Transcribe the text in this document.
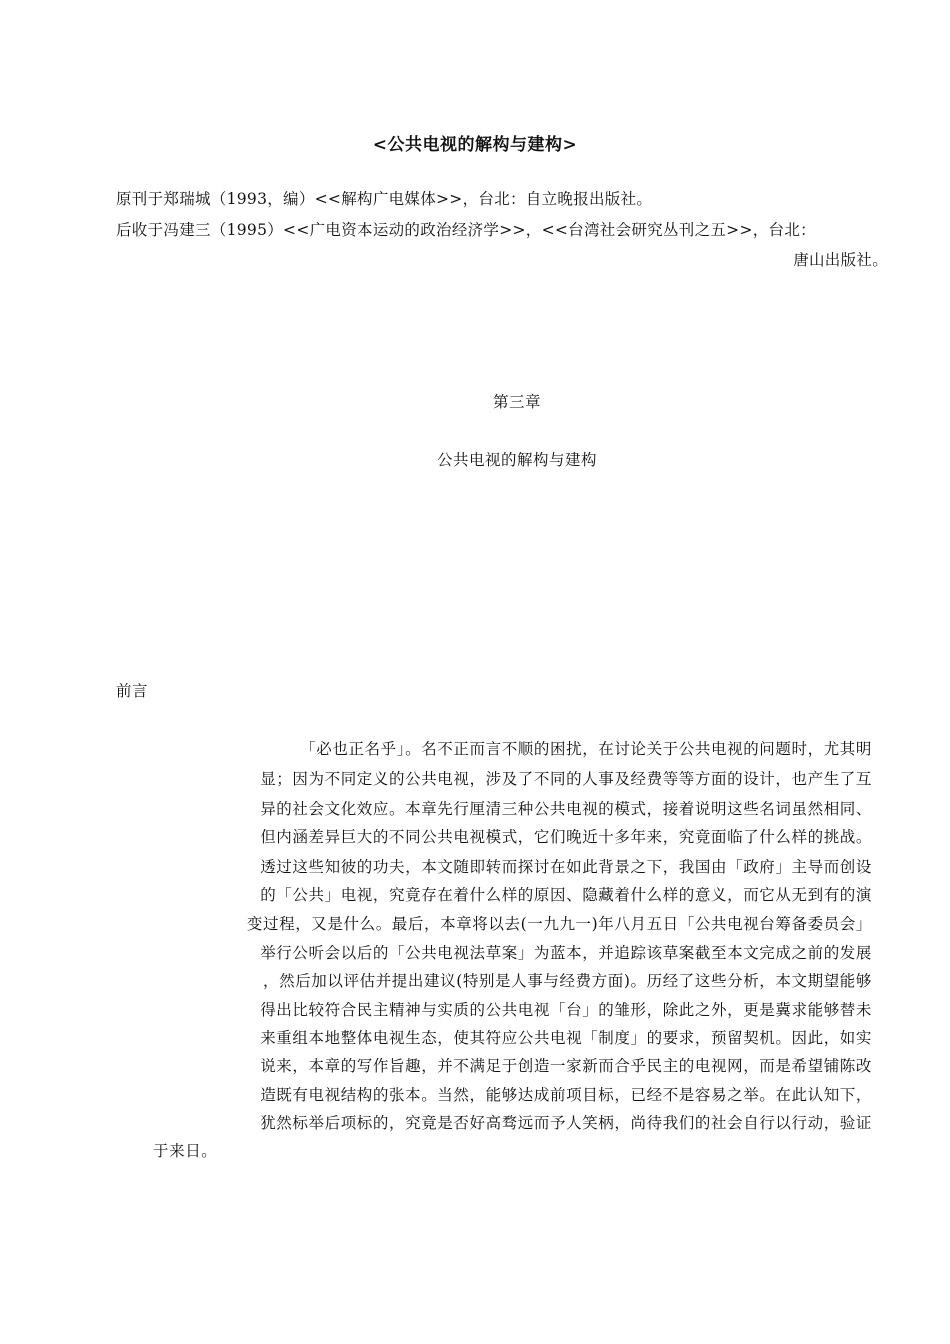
<公共电视的解构与建构>
原刊于郑瑞城（1993，编）<<解构广电媒体>>，台北：自立晚报出版社。
后收于冯建三（1995）<<广电资本运动的政治经济学>>，<<台湾社会研究丛刊之五>>，台北：
唐山出版社。
第三章
公共电视的解构与建构
前言
「必也正名乎」。名不正而言不顺的困扰，在讨论关于公共电视的问题时，尤其明
显；因为不同定义的公共电视，涉及了不同的人事及经费等等方面的设计，也产生了互
异的社会文化效应。本章先行厘清三种公共电视的模式，接着说明这些名词虽然相同、
但内涵差异巨大的不同公共电视模式，它们晚近十多年来，究竟面临了什么样的挑战。
透过这些知彼的功夫，本文随即转而探讨在如此背景之下，我国由「政府」主导而创设
的「公共」电视，究竟存在着什么样的原因、隐藏着什么样的意义，而它从无到有的演
变过程，又是什么。最后，本章将以去(一九九一)年八月五日「公共电视台筹备委员会」
举行公听会以后的「公共电视法草案」为蓝本，并追踪该草案截至本文完成之前的发展
，然后加以评估并提出建议(特别是人事与经费方面)。历经了这些分析，本文期望能够
得出比较符合民主精神与实质的公共电视「台」的雏形，除此之外，更是冀求能够替未
来重组本地整体电视生态，使其符应公共电视「制度」的要求，预留契机。因此，如实
说来，本章的写作旨趣，并不满足于创造一家新而合乎民主的电视网，而是希望铺陈改
造既有电视结构的张本。当然，能够达成前项目标，已经不是容易之举。在此认知下，
犹然标举后项标的，究竟是否好高骛远而予人笑柄，尚待我们的社会自行以行动，验证
于来日。
